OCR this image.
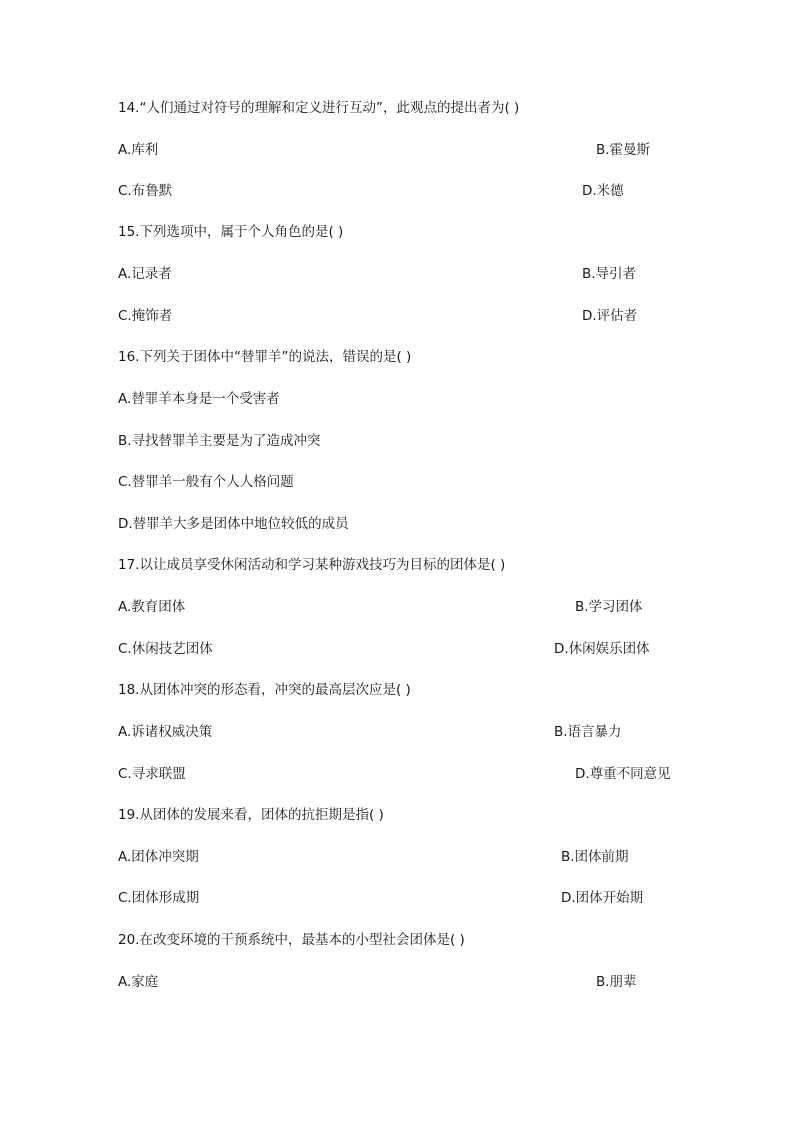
14.“人们通过对符号的理解和定义进行互动”，此观点的提出者为( )
A.库利	B.霍曼斯
C.布鲁默	D.米德
15.下列选项中，属于个人角色的是( )
A.记录者	B.导引者
C.掩饰者	D.评估者
16.下列关于团体中“替罪羊”的说法，错误的是( )
A.替罪羊本身是一个受害者
B.寻找替罪羊主要是为了造成冲突
C.替罪羊一般有个人人格问题
D.替罪羊大多是团体中地位较低的成员
17.以让成员享受休闲活动和学习某种游戏技巧为目标的团体是( )
A.教育团体	B.学习团体
C.休闲技艺团体	D.休闲娱乐团体
18.从团体冲突的形态看，冲突的最高层次应是( )
A.诉诸权威决策	B.语言暴力
C.寻求联盟	D.尊重不同意见
19.从团体的发展来看，团体的抗拒期是指( )
A.团体冲突期	B.团体前期
C.团体形成期	D.团体开始期
20.在改变环境的干预系统中，最基本的小型社会团体是( )
A.家庭	B.朋辈
